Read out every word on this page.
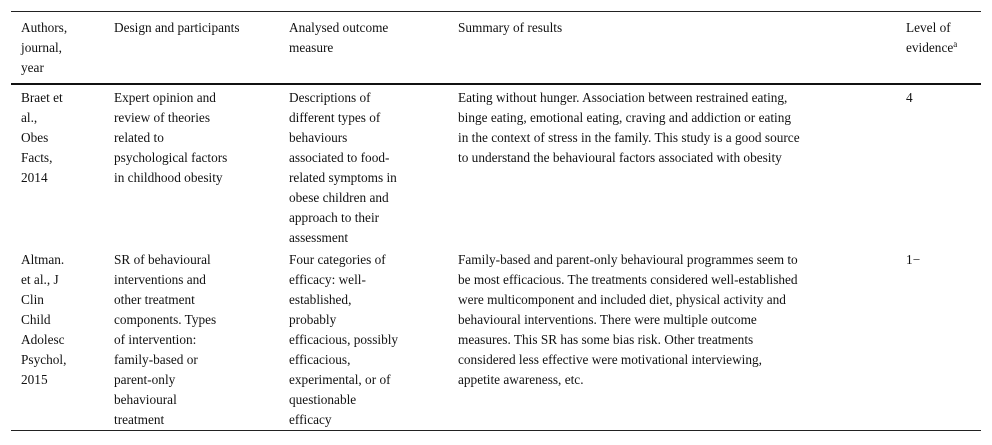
Authors,
journal,
year
Design and participants	Analysed outcome
measure
Summary of results	Level of
evidence$^a$
Braet et
al.,
Obes
Facts,
2014
Expert opinion and
review of theories
related to
psychological factors
in childhood obesity
Descriptions of
different types of
behaviours
associated to food-
related symptoms in
obese children and
approach to their
assessment
Eating without hunger. Association between restrained eating,
binge eating, emotional eating, craving and addiction or eating
in the context of stress in the family. This study is a good source
to understand the behavioural factors associated with obesity
4
Altman.
et al., J
Clin
Child
Adolesc
Psychol,
2015
SR of behavioural
interventions and
other treatment
components. Types
of intervention:
family-based or
parent-only
behavioural
treatment
Four categories of
efficacy: well-
established,
probably
efficacious, possibly
efficacious,
experimental, or of
questionable
efficacy
Family-based and parent-only behavioural programmes seem to
be most efficacious. The treatments considered well-established
were multicomponent and included diet, physical activity and
behavioural interventions. There were multiple outcome
measures. This SR has some bias risk. Other treatments
considered less effective were motivational interviewing,
appetite awareness, etc.
1−
